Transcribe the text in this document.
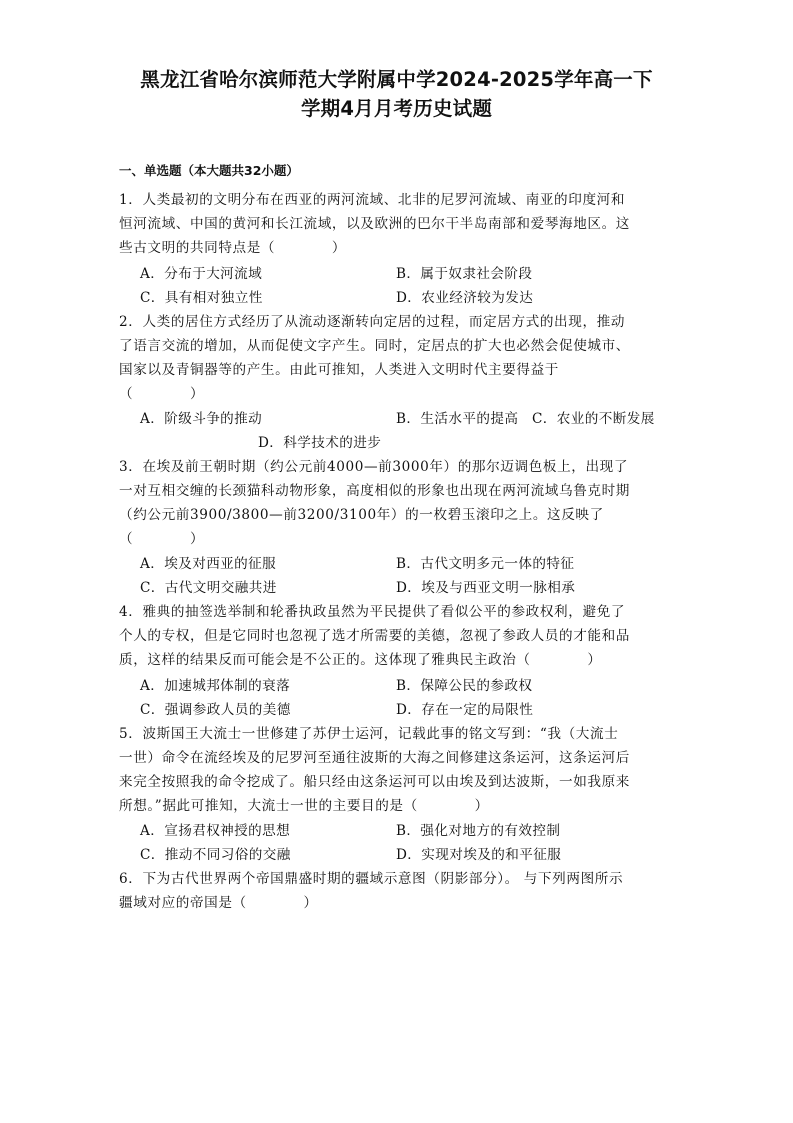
黑龙江省哈尔滨师范大学附属中学2024-2025学年高一下
学期4月月考历史试题
一、单选题（本大题共32小题）
1．人类最初的文明分布在西亚的两河流域、北非的尼罗河流域、南亚的印度河和
恒河流域、中国的黄河和长江流域，以及欧洲的巴尔干半岛南部和爱琴海地区。这
些古文明的共同特点是（　　　　）
A．分布于大河流域	B．属于奴隶社会阶段
C．具有相对独立性	D．农业经济较为发达
2．人类的居住方式经历了从流动逐渐转向定居的过程，而定居方式的出现，推动
了语言交流的增加，从而促使文字产生。同时，定居点的扩大也必然会促使城市、
国家以及青铜器等的产生。由此可推知，人类进入文明时代主要得益于
（　　　　）
A．阶级斗争的推动	B．生活水平的提高 C．农业的不断发展
D．科学技术的进步
3．在埃及前王朝时期（约公元前4000—前3000年）的那尔迈调色板上，出现了
一对互相交缠的长颈猫科动物形象，高度相似的形象也出现在两河流域乌鲁克时期
（约公元前3900/3800—前3200/3100年）的一枚碧玉滚印之上。这反映了
（　　　　）
A．埃及对西亚的征服	B．古代文明多元一体的特征
C．古代文明交融共进	D．埃及与西亚文明一脉相承
4．雅典的抽签选举制和轮番执政虽然为平民提供了看似公平的参政权利，避免了
个人的专权，但是它同时也忽视了选才所需要的美德，忽视了参政人员的才能和品
质，这样的结果反而可能会是不公正的。这体现了雅典民主政治（　　　　）
A．加速城邦体制的衰落	B．保障公民的参政权
C．强调参政人员的美德	D．存在一定的局限性
5．波斯国王大流士一世修建了苏伊士运河，记载此事的铭文写到：“我（大流士
一世）命令在流经埃及的尼罗河至通往波斯的大海之间修建这条运河，这条运河后
来完全按照我的命令挖成了。船只经由这条运河可以由埃及到达波斯，一如我原来
所想。”据此可推知，大流士一世的主要目的是（　　　　）
A．宣扬君权神授的思想	B．强化对地方的有效控制
C．推动不同习俗的交融	D．实现对埃及的和平征服
6．下为古代世界两个帝国鼎盛时期的疆域示意图（阴影部分）。 与下列两图所示
疆域对应的帝国是（　　　　）
